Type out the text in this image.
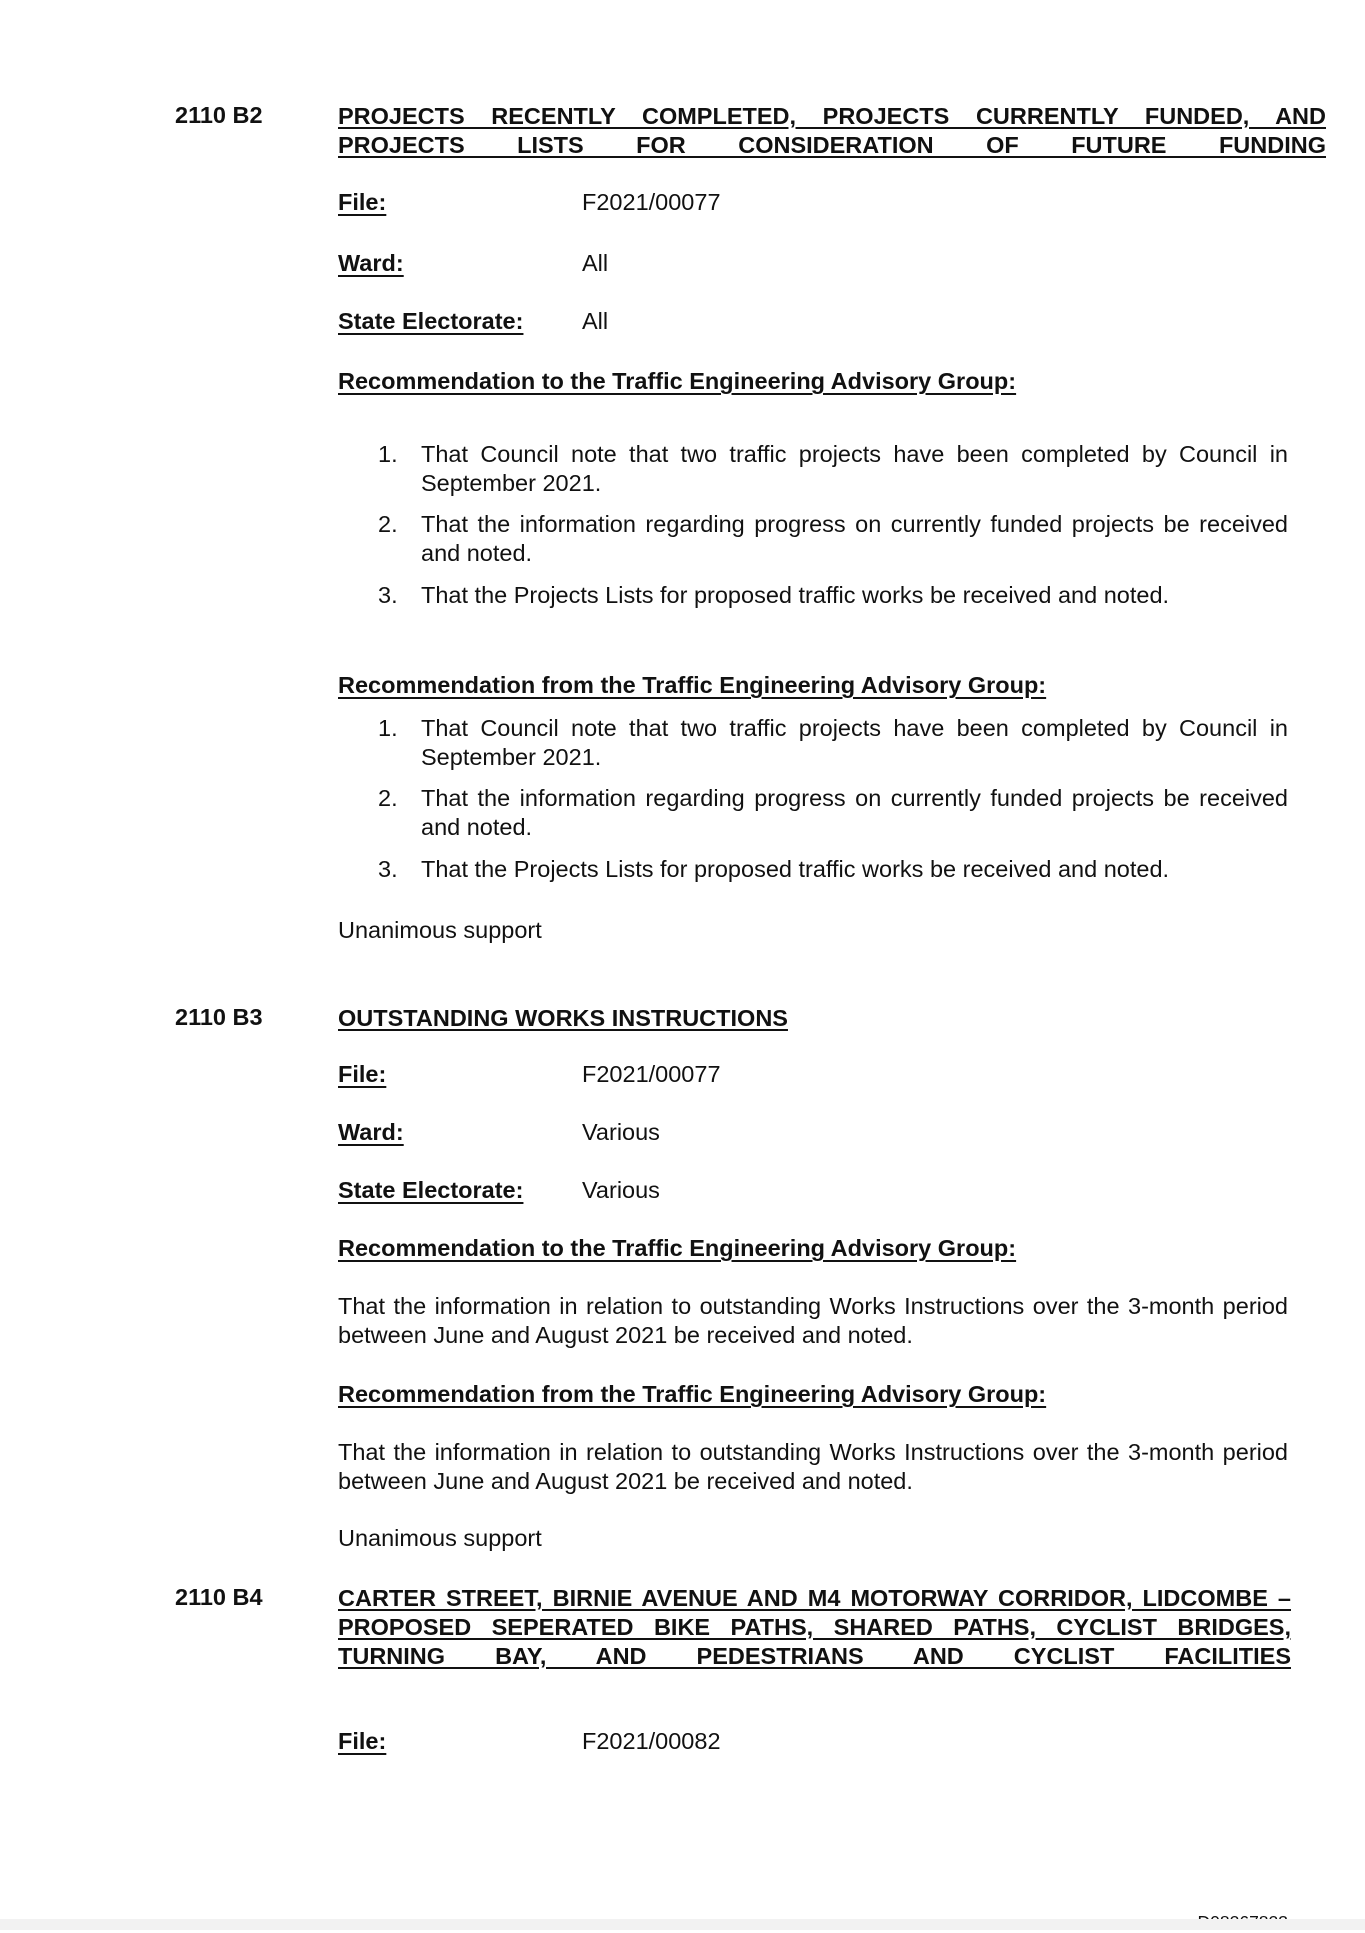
2110 B2	PROJECTS RECENTLY COMPLETED, PROJECTS CURRENTLY FUNDED, AND PROJECTS LISTS FOR CONSIDERATION OF FUTURE FUNDING
File:	F2021/00077
Ward:	All
State Electorate: All
Recommendation to the Traffic Engineering Advisory Group:
1. That Council note that two traffic projects have been completed by Council in September 2021.
2. That the information regarding progress on currently funded projects be received and noted.
3. That the Projects Lists for proposed traffic works be received and noted.
Recommendation from the Traffic Engineering Advisory Group:
1. That Council note that two traffic projects have been completed by Council in September 2021.
2. That the information regarding progress on currently funded projects be received and noted.
3. That the Projects Lists for proposed traffic works be received and noted.
Unanimous support
2110 B3	OUTSTANDING WORKS INSTRUCTIONS
File:	F2021/00077
Ward:	Various
State Electorate: Various
Recommendation to the Traffic Engineering Advisory Group:
That the information in relation to outstanding Works Instructions over the 3-month period between June and August 2021 be received and noted.
Recommendation from the Traffic Engineering Advisory Group:
That the information in relation to outstanding Works Instructions over the 3-month period between June and August 2021 be received and noted.
Unanimous support
2110 B4	CARTER STREET, BIRNIE AVENUE AND M4 MOTORWAY CORRIDOR, LIDCOMBE – PROPOSED SEPERATED BIKE PATHS, SHARED PATHS, CYCLIST BRIDGES, TURNING BAY, AND PEDESTRIANS AND CYCLIST FACILITIES
File:	F2021/00082
